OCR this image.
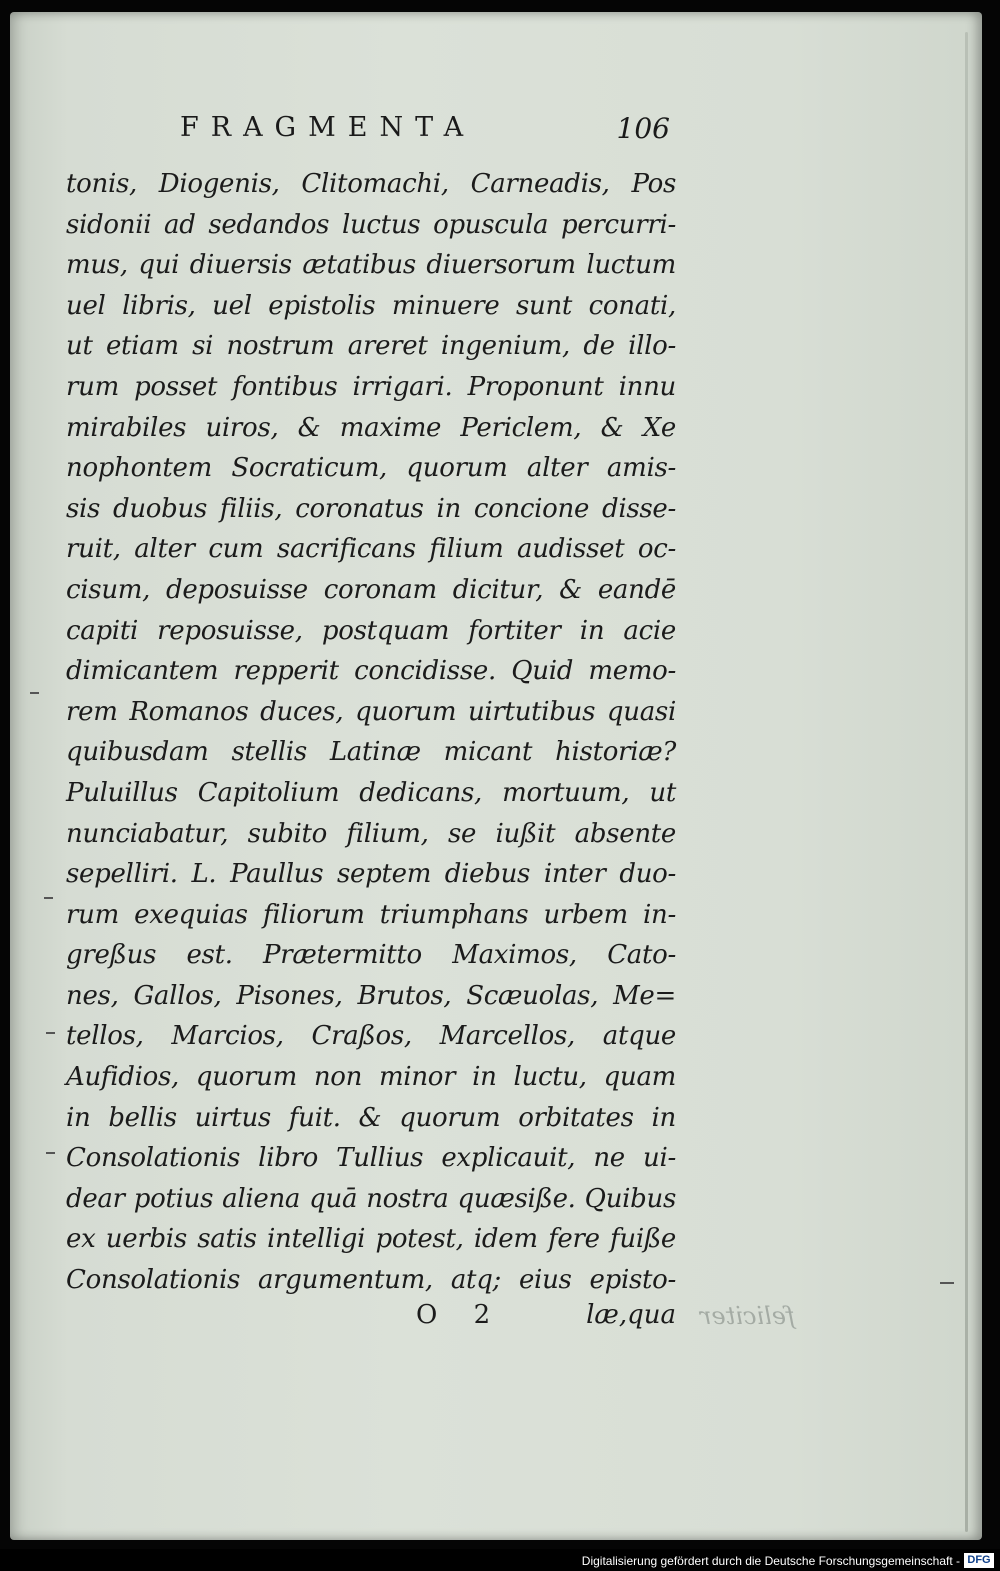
FRAGMENTA	106
tonis, Diogenis, Clitomachi, Carneadis, Pos
sidonii ad sedandos luctus opuscula percurri-
mus, qui diuersis ætatibus diuersorum luctum
uel libris, uel epistolis minuere sunt conati,
ut etiam si nostrum areret ingenium, de illo-
rum posset fontibus irrigari. Proponunt innu
mirabiles uiros, & maxime Periclem, & Xe
nophontem Socraticum, quorum alter amis-
sis duobus filiis, coronatus in concione disse-
ruit, alter cum sacrificans filium audisset oc-
cisum, deposuisse coronam dicitur, & eandē
capiti reposuisse, postquam fortiter in acie
dimicantem repperit concidisse. Quid memo-
rem Romanos duces, quorum uirtutibus quasi
quibusdam stellis Latinæ micant historiæ?
Puluillus Capitolium dedicans, mortuum, ut
nunciabatur, subito filium, se iußit absente
sepelliri. L. Paullus septem diebus inter duo-
rum exequias filiorum triumphans urbem in-
greßus est. Prætermitto Maximos, Cato-
nes, Gallos, Pisones, Brutos, Scæuolas, Me=
tellos, Marcios, Craßos, Marcellos, atque
Aufidios, quorum non minor in luctu, quam
in bellis uirtus fuit. & quorum orbitates in
Consolationis libro Tullius explicauit, ne ui-
dear potius aliena quā nostra quæsiße. Quibus
ex uerbis satis intelligi potest, idem fere fuiße
Consolationis argumentum, atq; eius episto-
O 2	læ,qua feliciter
Digitalisierung gefördert durch die Deutsche Forschungsgemeinschaft - DFG
